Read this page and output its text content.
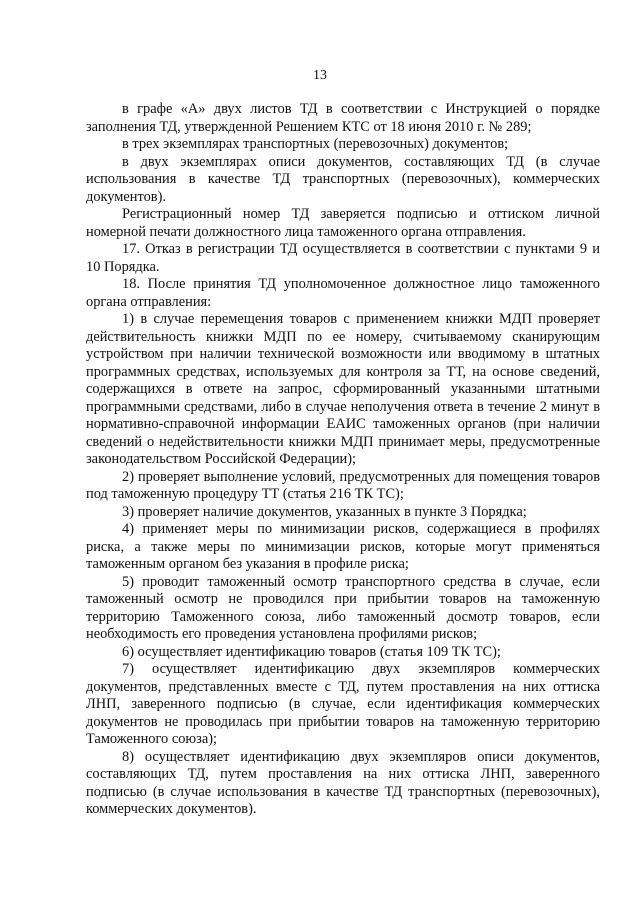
13

в графе «А» двух листов ТД в соответствии с Инструкцией о порядке заполнения ТД, утвержденной Решением КТС от 18 июня 2010 г. № 289;

в трех экземплярах транспортных (перевозочных) документов;

в двух экземплярах описи документов, составляющих ТД (в случае использования в качестве ТД транспортных (перевозочных), коммерческих документов).

Регистрационный номер ТД заверяется подписью и оттиском личной номерной печати должностного лица таможенного органа отправления.

17. Отказ в регистрации ТД осуществляется в соответствии с пунктами 9 и 10 Порядка.

18. После принятия ТД уполномоченное должностное лицо таможенного органа отправления:

1) в случае перемещения товаров с применением книжки МДП проверяет действительность книжки МДП по ее номеру, считываемому сканирующим устройством при наличии технической возможности или вводимому в штатных программных средствах, используемых для контроля за ТТ, на основе сведений, содержащихся в ответе на запрос, сформированный указанными штатными программными средствами, либо в случае неполучения ответа в течение 2 минут в нормативно-справочной информации ЕАИС таможенных органов (при наличии сведений о недействительности книжки МДП принимает меры, предусмотренные законодательством Российской Федерации);

2) проверяет выполнение условий, предусмотренных для помещения товаров под таможенную процедуру ТТ (статья 216 ТК ТС);

3) проверяет наличие документов, указанных в пункте 3 Порядка;

4) применяет меры по минимизации рисков, содержащиеся в профилях риска, а также меры по минимизации рисков, которые могут применяться таможенным органом без указания в профиле риска;

5) проводит таможенный осмотр транспортного средства в случае, если таможенный осмотр не проводился при прибытии товаров на таможенную территорию Таможенного союза, либо таможенный досмотр товаров, если необходимость его проведения установлена профилями рисков;

6) осуществляет идентификацию товаров (статья 109 ТК ТС);

7) осуществляет идентификацию двух экземпляров коммерческих документов, представленных вместе с ТД, путем проставления на них оттиска ЛНП, заверенного подписью (в случае, если идентификация коммерческих документов не проводилась при прибытии товаров на таможенную территорию Таможенного союза);

8) осуществляет идентификацию двух экземпляров описи документов, составляющих ТД, путем проставления на них оттиска ЛНП, заверенного подписью (в случае использования в качестве ТД транспортных (перевозочных), коммерческих документов).
